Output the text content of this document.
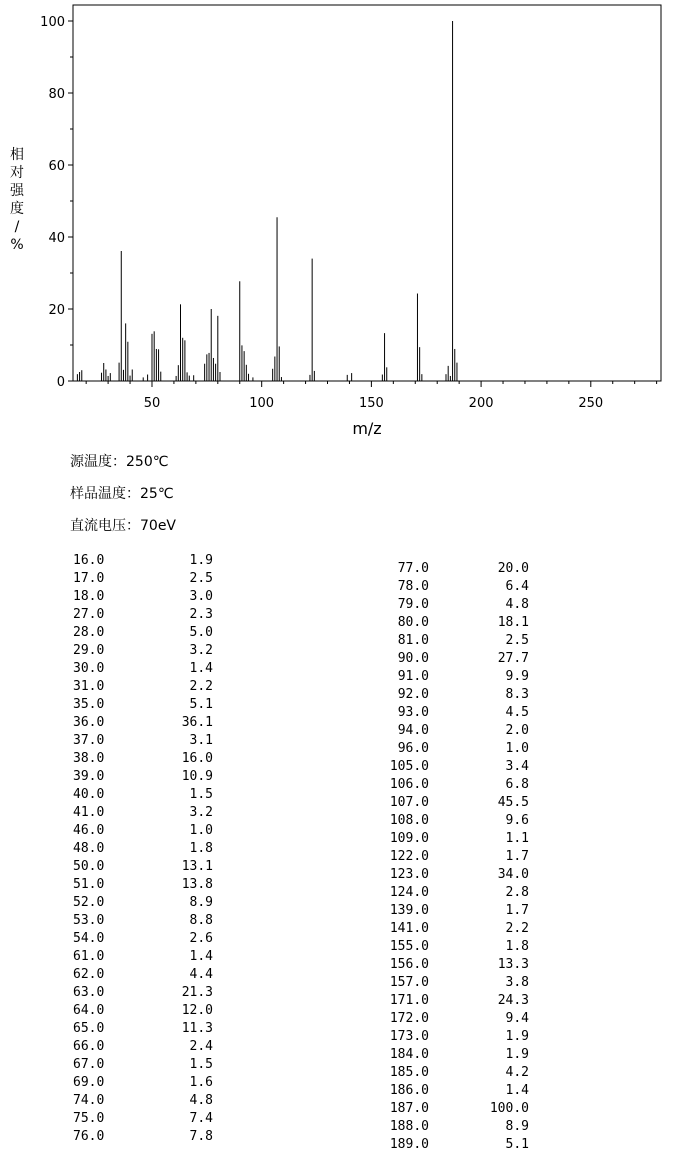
0
20
40
60
80
100
50	100	150	200	250
m/z
相
对
强
度
/
%
源温度：250℃
样品温度：25℃
直流电压：70eV
16.0	1.9
17.0	2.5
18.0	3.0
27.0	2.3
28.0	5.0
29.0	3.2
30.0	1.4
31.0	2.2
35.0	5.1
36.0	36.1
37.0	3.1
38.0	16.0
39.0	10.9
40.0	1.5
41.0	3.2
46.0	1.0
48.0	1.8
50.0	13.1
51.0	13.8
52.0	8.9
53.0	8.8
54.0	2.6
61.0	1.4
62.0	4.4
63.0	21.3
64.0	12.0
65.0	11.3
66.0	2.4
67.0	1.5
69.0	1.6
74.0	4.8
75.0	7.4
76.0	7.8
77.0	20.0
78.0	6.4
79.0	4.8
80.0	18.1
81.0	2.5
90.0	27.7
91.0	9.9
92.0	8.3
93.0	4.5
94.0	2.0
96.0	1.0
105.0	3.4
106.0	6.8
107.0	45.5
108.0	9.6
109.0	1.1
122.0	1.7
123.0	34.0
124.0	2.8
139.0	1.7
141.0	2.2
155.0	1.8
156.0	13.3
157.0	3.8
171.0	24.3
172.0	9.4
173.0	1.9
184.0	1.9
185.0	4.2
186.0	1.4
187.0	100.0
188.0	8.9
189.0	5.1
